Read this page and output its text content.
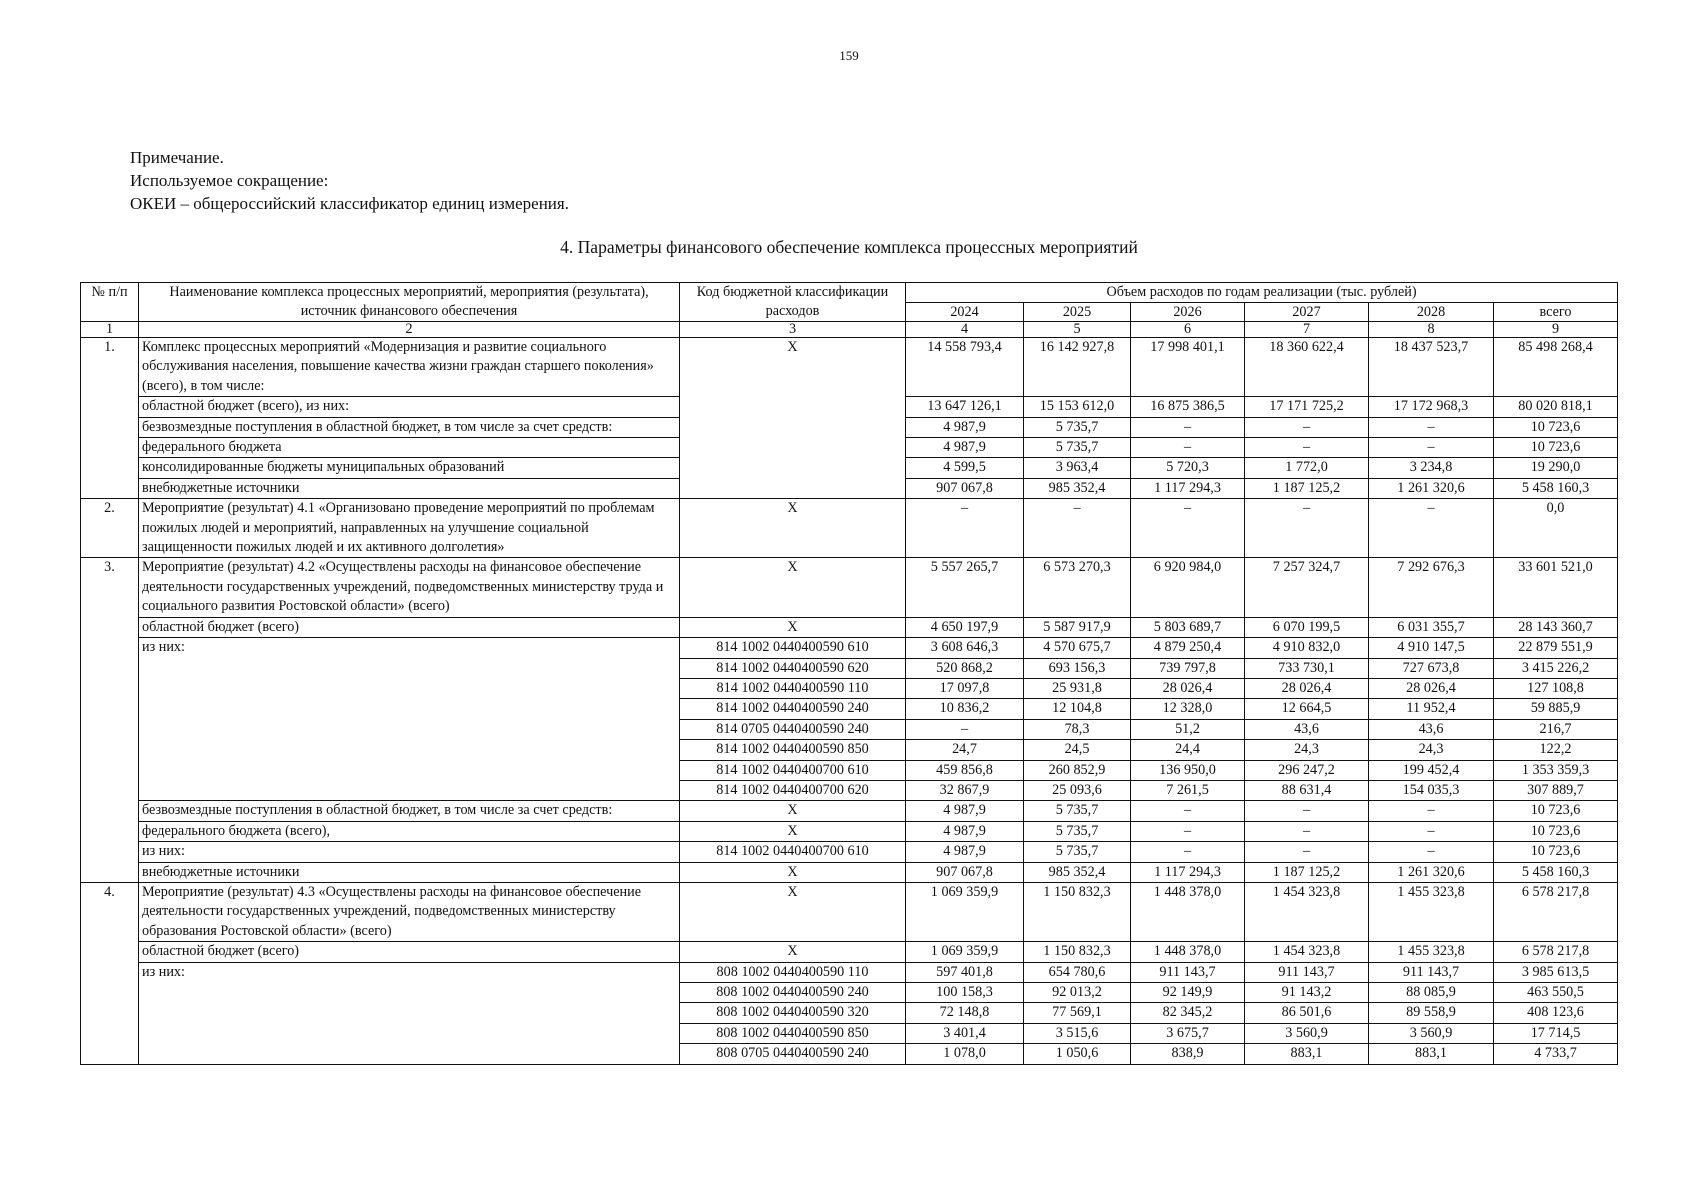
159
Примечание.
Используемое сокращение:
ОКЕИ – общероссийский классификатор единиц измерения.
4. Параметры финансового обеспечение комплекса процессных мероприятий
№ п/п	Наименование комплекса процессных мероприятий, мероприятия (результата), источник финансового обеспечения	Код бюджетной классификации расходов	Объем расходов по годам реализации (тыс. рублей)					
			2024	2025	2026	2027	2028	всего
1	2	3	4	5	6	7	8	9
1.	Комплекс процессных мероприятий «Модернизация и развитие социального обслуживания населения, повышение качества жизни граждан старшего поколения» (всего), в том числе:	X	14 558 793,4	16 142 927,8	17 998 401,1	18 360 622,4	18 437 523,7	85 498 268,4
	областной бюджет (всего), из них:		13 647 126,1	15 153 612,0	16 875 386,5	17 171 725,2	17 172 968,3	80 020 818,1
	безвозмездные поступления в областной бюджет, в том числе за счет средств:		4 987,9	5 735,7	–	–	–	10 723,6
	федерального бюджета		4 987,9	5 735,7	–	–	–	10 723,6
	консолидированные бюджеты муниципальных образований		4 599,5	3 963,4	5 720,3	1 772,0	3 234,8	19 290,0
	внебюджетные источники		907 067,8	985 352,4	1 117 294,3	1 187 125,2	1 261 320,6	5 458 160,3
2.	Мероприятие (результат) 4.1 «Организовано проведение мероприятий по проблемам пожилых людей и мероприятий, направленных на улучшение социальной защищенности пожилых людей и их активного долголетия»	X	–	–	–	–	–	0,0
3.	Мероприятие (результат) 4.2 «Осуществлены расходы на финансовое обеспечение деятельности государственных учреждений, подведомственных министерству труда и социального развития Ростовской области» (всего)	X	5 557 265,7	6 573 270,3	6 920 984,0	7 257 324,7	7 292 676,3	33 601 521,0
	областной бюджет (всего)	X	4 650 197,9	5 587 917,9	5 803 689,7	6 070 199,5	6 031 355,7	28 143 360,7
	из них:	814 1002 0440400590 610	3 608 646,3	4 570 675,7	4 879 250,4	4 910 832,0	4 910 147,5	22 879 551,9
		814 1002 0440400590 620	520 868,2	693 156,3	739 797,8	733 730,1	727 673,8	3 415 226,2
		814 1002 0440400590 110	17 097,8	25 931,8	28 026,4	28 026,4	28 026,4	127 108,8
		814 1002 0440400590 240	10 836,2	12 104,8	12 328,0	12 664,5	11 952,4	59 885,9
		814 0705 0440400590 240	–	78,3	51,2	43,6	43,6	216,7
		814 1002 0440400590 850	24,7	24,5	24,4	24,3	24,3	122,2
		814 1002 0440400700 610	459 856,8	260 852,9	136 950,0	296 247,2	199 452,4	1 353 359,3
		814 1002 0440400700 620	32 867,9	25 093,6	7 261,5	88 631,4	154 035,3	307 889,7
	безвозмездные поступления в областной бюджет, в том числе за счет средств:	X	4 987,9	5 735,7	–	–	–	10 723,6
	федерального бюджета (всего),	X	4 987,9	5 735,7	–	–	–	10 723,6
	из них:	814 1002 0440400700 610	4 987,9	5 735,7	–	–	–	10 723,6
	внебюджетные источники	X	907 067,8	985 352,4	1 117 294,3	1 187 125,2	1 261 320,6	5 458 160,3
4.	Мероприятие (результат) 4.3 «Осуществлены расходы на финансовое обеспечение деятельности государственных учреждений, подведомственных министерству образования Ростовской области» (всего)	X	1 069 359,9	1 150 832,3	1 448 378,0	1 454 323,8	1 455 323,8	6 578 217,8
	областной бюджет (всего)	X	1 069 359,9	1 150 832,3	1 448 378,0	1 454 323,8	1 455 323,8	6 578 217,8
	из них:	808 1002 0440400590 110	597 401,8	654 780,6	911 143,7	911 143,7	911 143,7	3 985 613,5
		808 1002 0440400590 240	100 158,3	92 013,2	92 149,9	91 143,2	88 085,9	463 550,5
		808 1002 0440400590 320	72 148,8	77 569,1	82 345,2	86 501,6	89 558,9	408 123,6
		808 1002 0440400590 850	3 401,4	3 515,6	3 675,7	3 560,9	3 560,9	17 714,5
		808 0705 0440400590 240	1 078,0	1 050,6	838,9	883,1	883,1	4 733,7
